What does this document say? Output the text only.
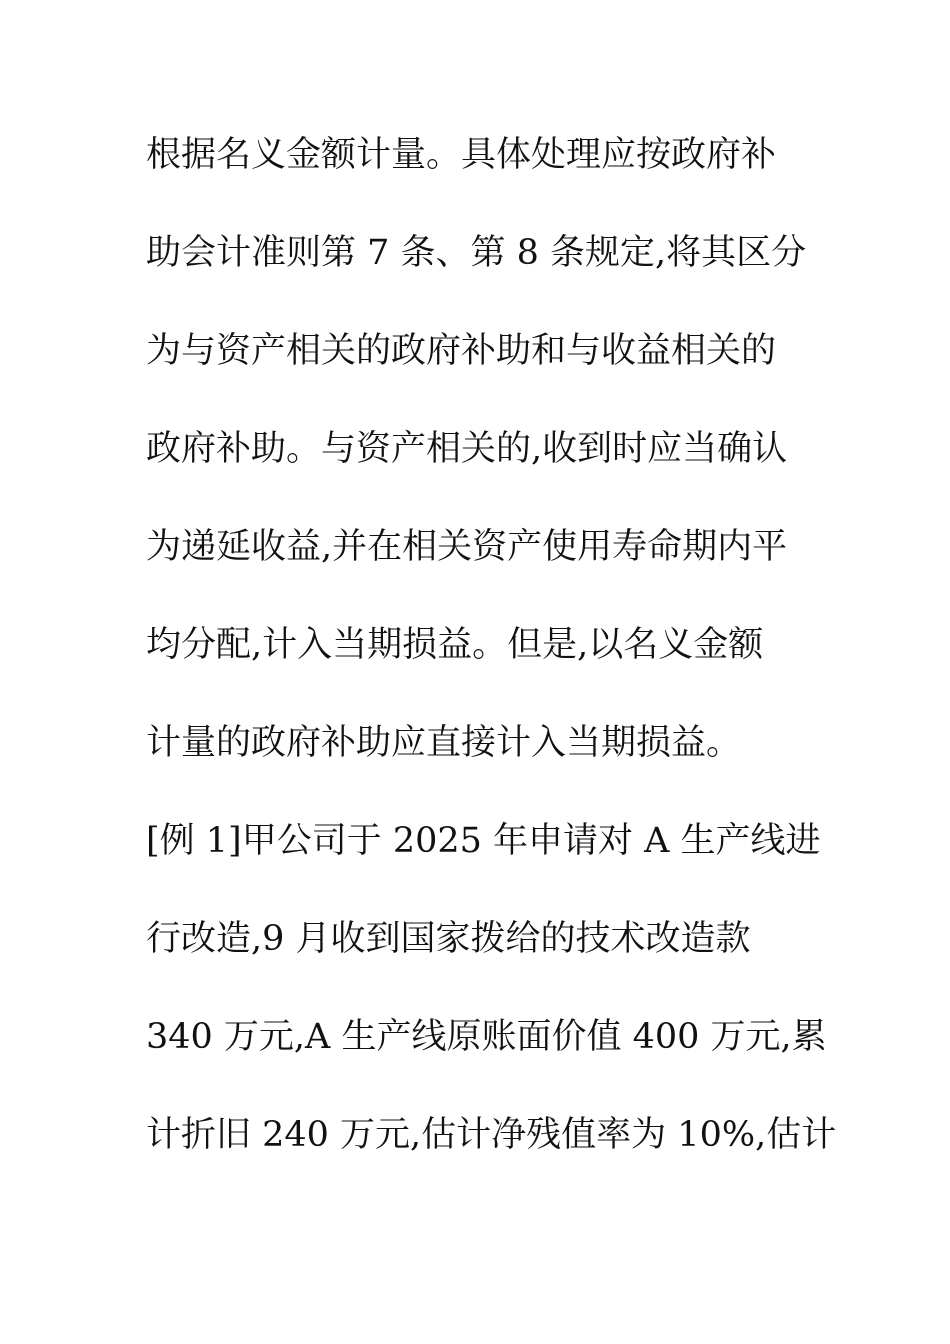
根据名义金额计量。具体处理应按政府补
助会计准则第 7 条、第 8 条规定,将其区分
为与资产相关的政府补助和与收益相关的
政府补助。与资产相关的,收到时应当确认
为递延收益,并在相关资产使用寿命期内平
均分配,计入当期损益。但是,以名义金额
计量的政府补助应直接计入当期损益。
[例 1]甲公司于 2025 年申请对 A 生产线进
行改造,9 月收到国家拨给的技术改造款
340 万元,A 生产线原账面价值 400 万元,累
计折旧 240 万元,估计净残值率为 10%,估计
